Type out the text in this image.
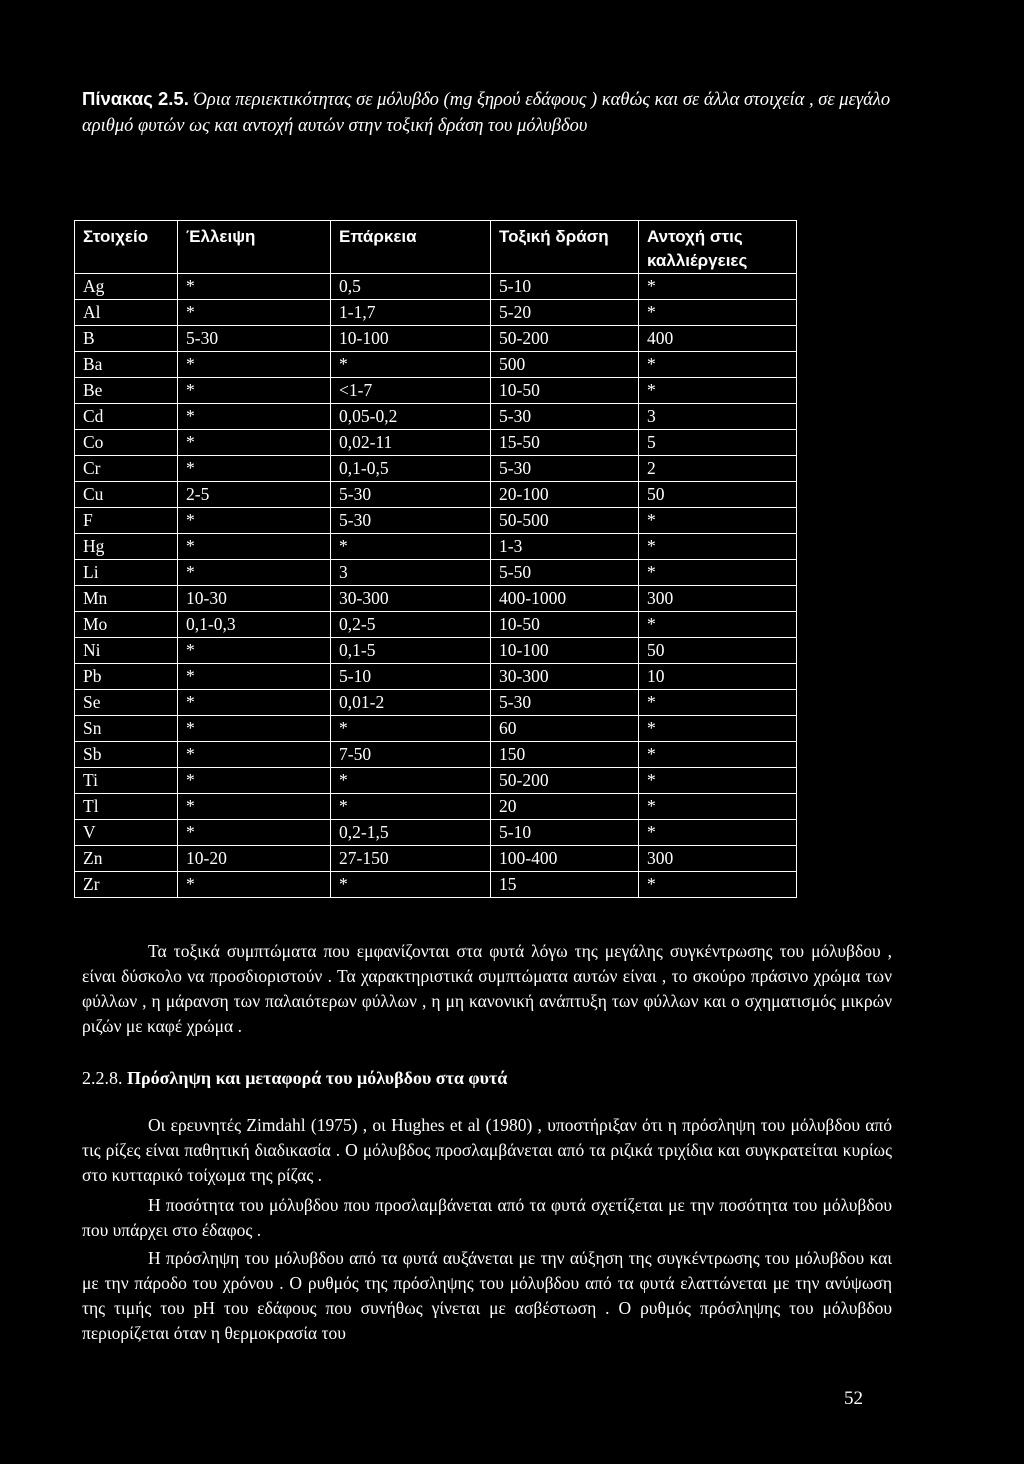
Πίνακας 2.5. Όρια περιεκτικότητας σε μόλυβδο (mg ξηρού εδάφους ) καθώς και σε άλλα στοιχεία , σε μεγάλο αριθμό φυτών ως και αντοχή αυτών στην τοξική δράση του μόλυβδου
Στοιχείο	Έλλειψη	Επάρκεια	Τοξική δράση	Αντοχή στις καλλιέργειες
Ag	*	0,5	5-10	*
Al	*	1-1,7	5-20	*
B	5-30	10-100	50-200	400
Ba	*	*	500	*
Be	*	<1-7	10-50	*
Cd	*	0,05-0,2	5-30	3
Co	*	0,02-11	15-50	5
Cr	*	0,1-0,5	5-30	2
Cu	2-5	5-30	20-100	50
F	*	5-30	50-500	*
Hg	*	*	1-3	*
Li	*	3	5-50	*
Mn	10-30	30-300	400-1000	300
Mo	0,1-0,3	0,2-5	10-50	*
Ni	*	0,1-5	10-100	50
Pb	*	5-10	30-300	10
Se	*	0,01-2	5-30	*
Sn	*	*	60	*
Sb	*	7-50	150	*
Ti	*	*	50-200	*
Tl	*	*	20	*
V	*	0,2-1,5	5-10	*
Zn	10-20	27-150	100-400	300
Zr	*	*	15	*

Τα τοξικά συμπτώματα που εμφανίζονται στα φυτά λόγω της μεγάλης συγκέντρωσης του μόλυβδου , είναι δύσκολο να προσδιοριστούν . Τα χαρακτηριστικά συμπτώματα αυτών είναι , το σκούρο πράσινο χρώμα των φύλλων , η μάρανση των παλαιότερων φύλλων , η μη κανονική ανάπτυξη των φύλλων και ο σχηματισμός μικρών ριζών με καφέ χρώμα .

2.2.8. Πρόσληψη και μεταφορά του μόλυβδου στα φυτά

Οι ερευνητές Zimdahl (1975) , οι Hughes et al (1980) , υποστήριξαν ότι η πρόσληψη του μόλυβδου από τις ρίζες είναι παθητική διαδικασία . Ο μόλυβδος προσλαμβάνεται από τα ριζικά τριχίδια και συγκρατείται κυρίως στο κυτταρικό τοίχωμα της ρίζας .

Η ποσότητα του μόλυβδου που προσλαμβάνεται από τα φυτά σχετίζεται με την ποσότητα του μόλυβδου που υπάρχει στο έδαφος .

Η πρόσληψη του μόλυβδου από τα φυτά αυξάνεται με την αύξηση της συγκέντρωσης του μόλυβδου και με την πάροδο του χρόνου . Ο ρυθμός της πρόσληψης του μόλυβδου από τα φυτά ελαττώνεται με την ανύψωση της τιμής του pH του εδάφους που συνήθως γίνεται με ασβέστωση . Ο ρυθμός πρόσληψης του μόλυβδου περιορίζεται όταν η θερμοκρασία του

52
